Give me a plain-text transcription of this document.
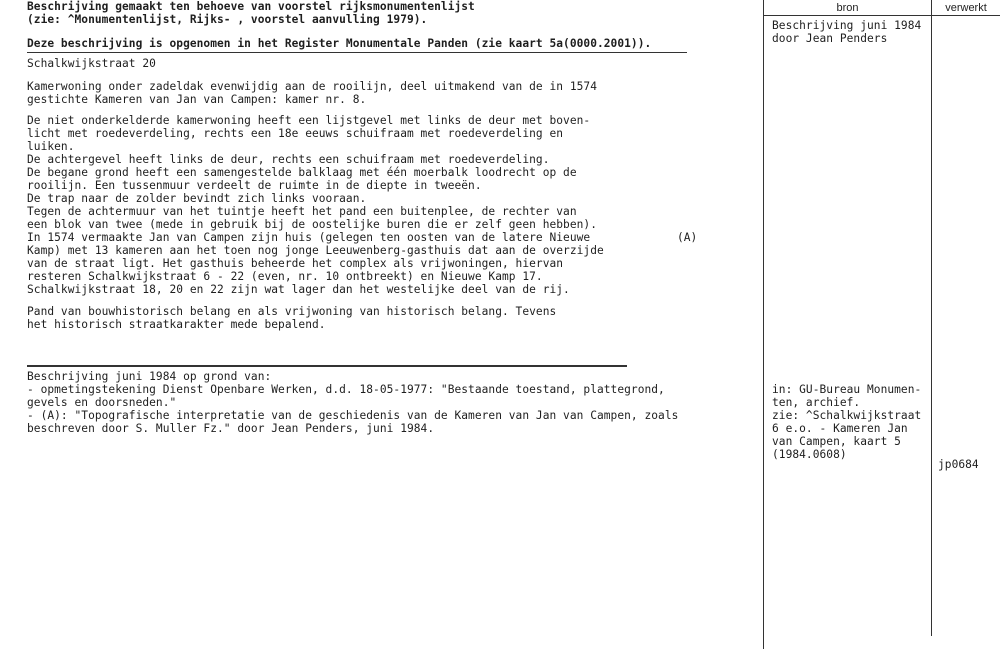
bron	verwerkt
Beschrijving gemaakt ten behoeve van voorstel rijksmonumentenlijst
(zie: ^Monumentenlijst, Rijks- , voorstel aanvulling 1979).
Deze beschrijving is opgenomen in het Register Monumentale Panden (zie kaart 5a(0000.2001)).
Schalkwijkstraat 20
Kamerwoning onder zadeldak evenwijdig aan de rooilijn, deel uitmakend van de in 1574
gestichte Kameren van Jan van Campen: kamer nr. 8.
De niet onderkelderde kamerwoning heeft een lijstgevel met links de deur met boven-
licht met roedeverdeling, rechts een 18e eeuws schuifraam met roedeverdeling en
luiken.
De achtergevel heeft links de deur, rechts een schuifraam met roedeverdeling.
De begane grond heeft een samengestelde balklaag met één moerbalk loodrecht op de
rooilijn. Een tussenmuur verdeelt de ruimte in de diepte in tweeën.
De trap naar de zolder bevindt zich links vooraan.
Tegen de achtermuur van het tuintje heeft het pand een buitenplee, de rechter van
een blok van twee (mede in gebruik bij de oostelijke buren die er zelf geen hebben).
In 1574 vermaakte Jan van Campen zijn huis (gelegen ten oosten van de latere Nieuwe
Kamp) met 13 kameren aan het toen nog jonge Leeuwenberg-gasthuis dat aan de overzijde
van de straat ligt. Het gasthuis beheerde het complex als vrijwoningen, hiervan
resteren Schalkwijkstraat 6 - 22 (even, nr. 10 ontbreekt) en Nieuwe Kamp 17.
Schalkwijkstraat 18, 20 en 22 zijn wat lager dan het westelijke deel van de rij.
(A)
Pand van bouwhistorisch belang en als vrijwoning van historisch belang. Tevens
het historisch straatkarakter mede bepalend.
Beschrijving juni 1984
door Jean Penders
Beschrijving juni 1984 op grond van:
- opmetingstekening Dienst Openbare Werken, d.d. 18-05-1977: "Bestaande toestand, plattegrond,
gevels en doorsneden."
- (A): "Topografische interpretatie van de geschiedenis van de Kameren van Jan van Campen, zoals
beschreven door S. Muller Fz." door Jean Penders, juni 1984.
in: GU-Bureau Monumen-
ten, archief.
zie: ^Schalkwijkstraat
6 e.o. - Kameren Jan
van Campen, kaart 5
(1984.0608)
jp0684
